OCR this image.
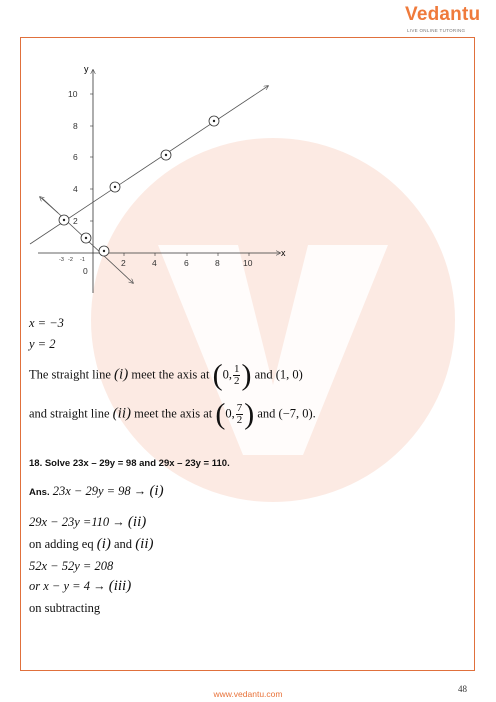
Vedantu
LIVE ONLINE TUTORING
x
y
10
8
6
4
2
-3 -2 -1	2	4	6	8	10
0
x = −3
y = 2
The straight line (i) meet the axis at (0, $\frac{1}{2}$ ) and (1, 0)
and straight line (ii) meet the axis at (0, $\frac{7}{2}$ ) and (−7, 0).
18. Solve 23x – 29y = 98 and 29x – 23y = 110.
Ans. 23x − 29y = 98 → (i)
29x − 23y =110 → (ii)
on adding eq (i) and (ii)
52x − 52y = 208
or x − y = 4 → (iii)
on subtracting
www.vedantu.com	48
